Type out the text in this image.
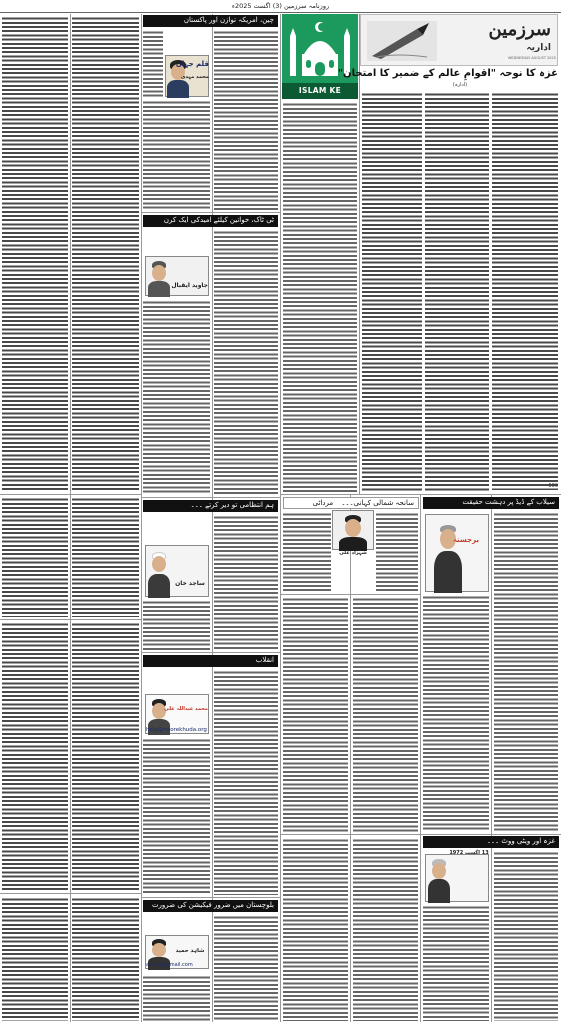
روزنامہ سرزمین (3) اگست 2025ء
چین، امریکہ توازن اور پاکستان
قلم جہاں
محمد مہدی
ٹی ٹاک، خواتین کیلئے امیدکی ایک کرن
جاوید ایقبال
ہم انتظامی تو دیر کرتے ۔۔۔
ساجد خان
انقلاب
محمد عبداللہ علی
help@noorekhuda.org
بلوچستان میں ضرور فیکیشن کی ضرورت
شاہد حمید
aiham@gmail.com
ISLAM KE
سرزمین
اداریہ
WEDNESDAY AUGUST 2025
غزہ کا نوحہ "اقوامِ عالم کے ضمیر کا امتحان"
(ادارہ)
500
سیلاب کے ڈیڈ پر دہشت حقیقت
برجستہ
سانحہ شمالی کہانی۔۔۔ مرداٹی
شہزاد علی
غزہ اور ویٹی ووٹ ۔۔۔
13 اگست 1972
